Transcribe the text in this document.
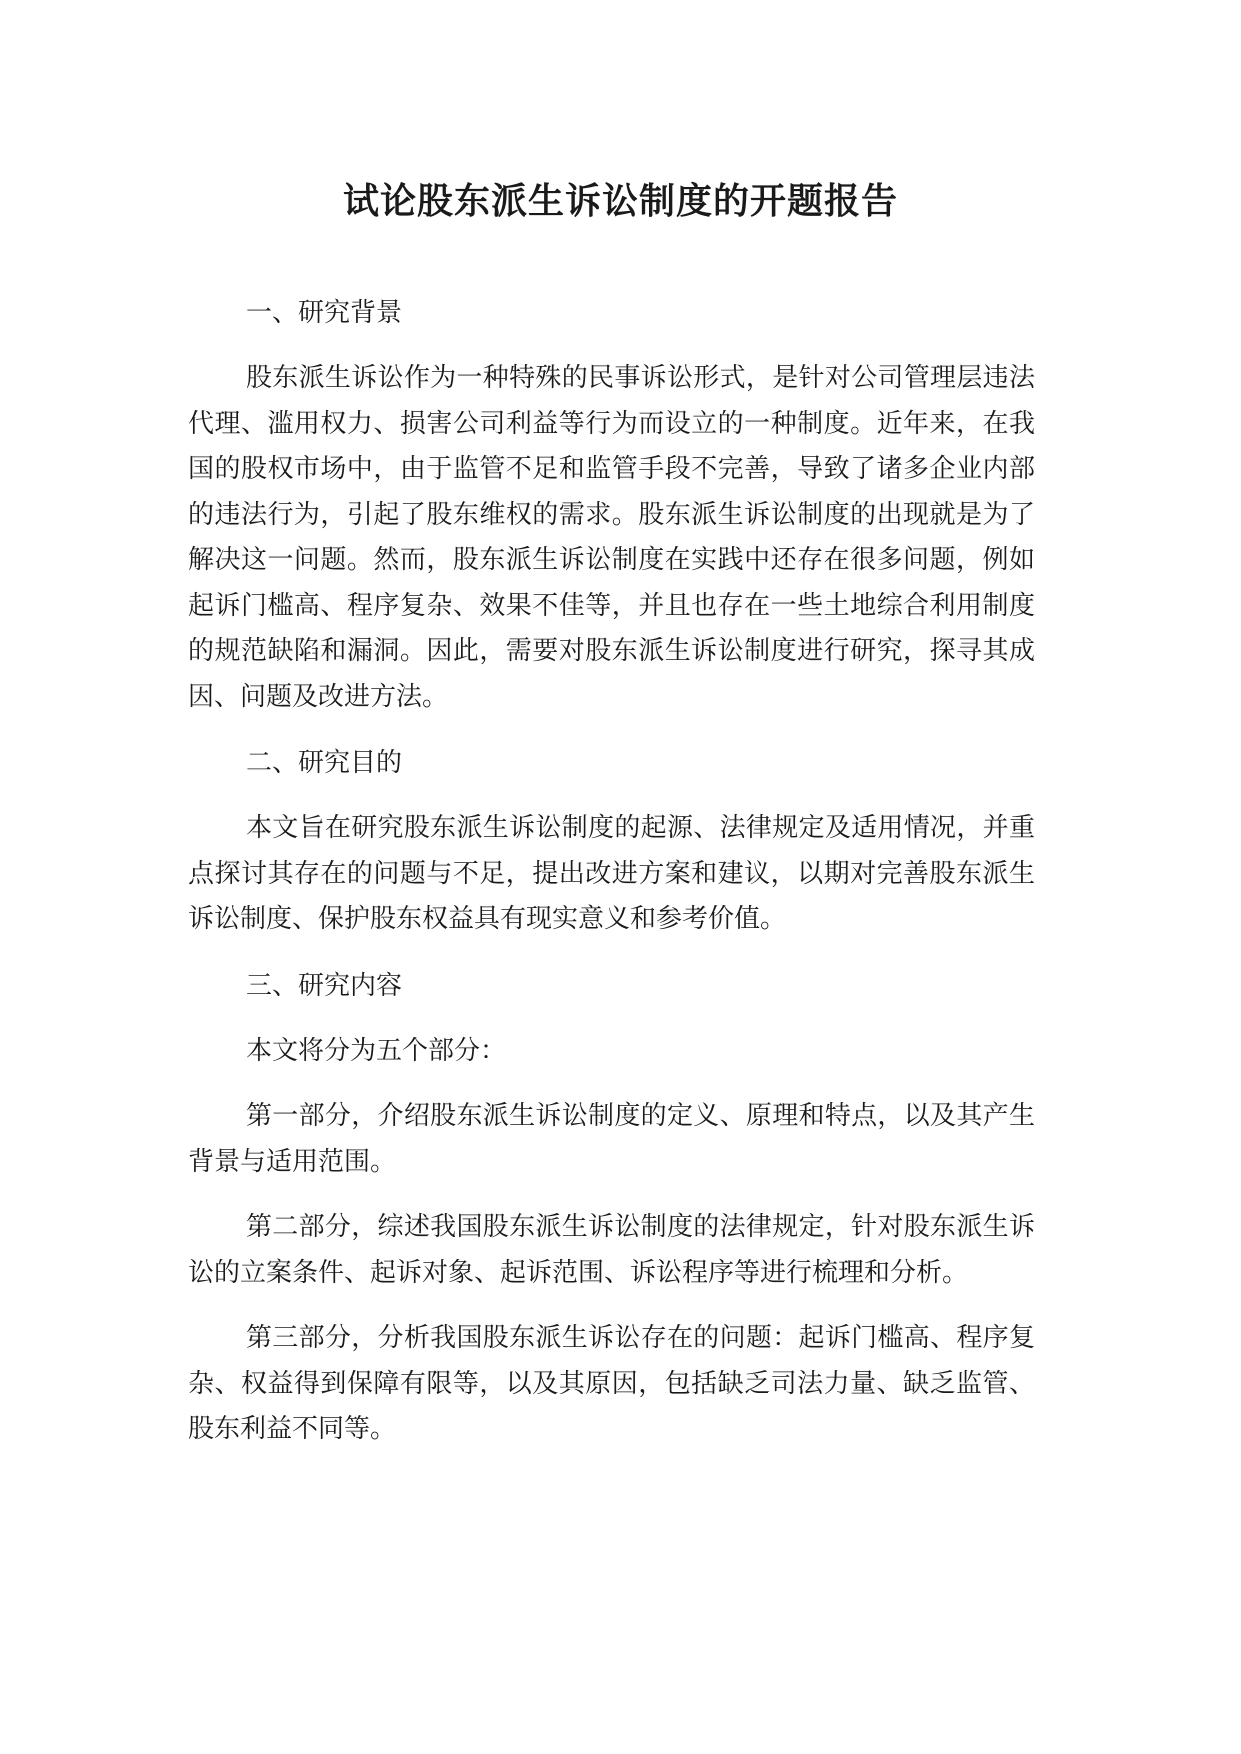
试论股东派生诉讼制度的开题报告
一、研究背景

股东派生诉讼作为一种特殊的民事诉讼形式，是针对公司管理层违法代理、滥用权力、损害公司利益等行为而设立的一种制度。近年来，在我国的股权市场中，由于监管不足和监管手段不完善，导致了诸多企业内部的违法行为，引起了股东维权的需求。股东派生诉讼制度的出现就是为了解决这一问题。然而，股东派生诉讼制度在实践中还存在很多问题，例如起诉门槛高、程序复杂、效果不佳等，并且也存在一些土地综合利用制度的规范缺陷和漏洞。因此，需要对股东派生诉讼制度进行研究，探寻其成因、问题及改进方法。

二、研究目的

本文旨在研究股东派生诉讼制度的起源、法律规定及适用情况，并重点探讨其存在的问题与不足，提出改进方案和建议，以期对完善股东派生诉讼制度、保护股东权益具有现实意义和参考价值。

三、研究内容

本文将分为五个部分：

第一部分，介绍股东派生诉讼制度的定义、原理和特点，以及其产生背景与适用范围。

第二部分，综述我国股东派生诉讼制度的法律规定，针对股东派生诉讼的立案条件、起诉对象、起诉范围、诉讼程序等进行梳理和分析。

第三部分，分析我国股东派生诉讼存在的问题：起诉门槛高、程序复杂、权益得到保障有限等，以及其原因，包括缺乏司法力量、缺乏监管、股东利益不同等。
